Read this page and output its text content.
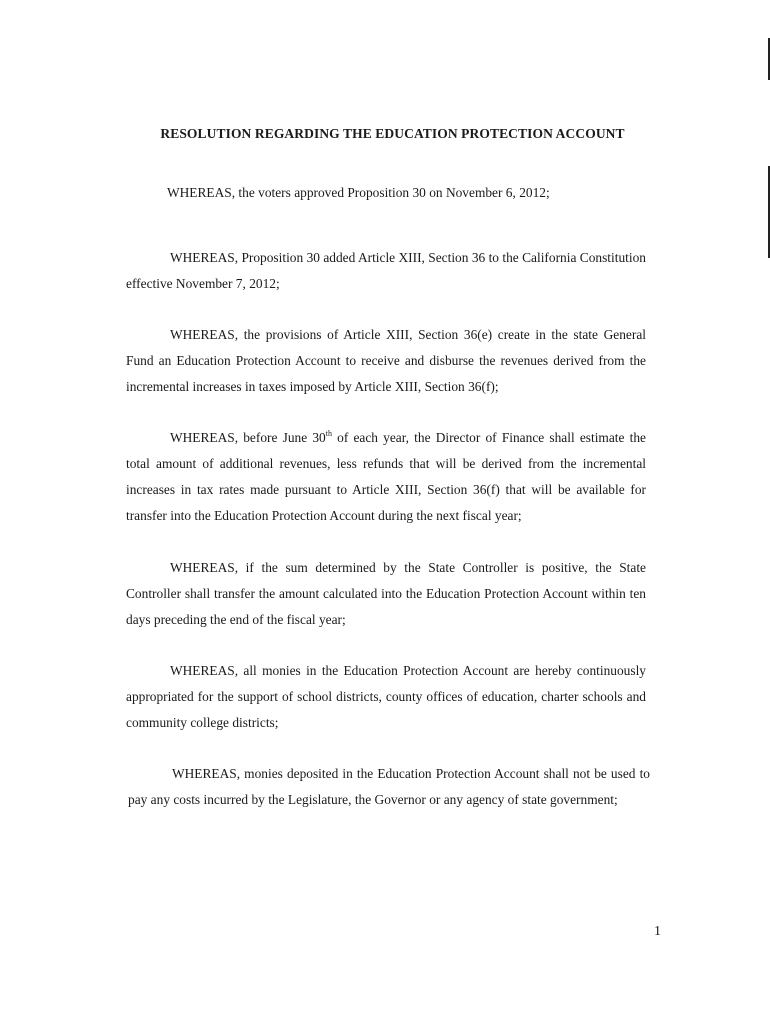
RESOLUTION REGARDING THE EDUCATION PROTECTION ACCOUNT

WHEREAS, the voters approved Proposition 30 on November 6, 2012;

WHEREAS, Proposition 30 added Article XIII, Section 36 to the California Constitution effective November 7, 2012;

WHEREAS, the provisions of Article XIII, Section 36(e) create in the state General Fund an Education Protection Account to receive and disburse the revenues derived from the incremental increases in taxes imposed by Article XIII, Section 36(f);

WHEREAS, before June 30th of each year, the Director of Finance shall estimate the total amount of additional revenues, less refunds that will be derived from the incremental increases in tax rates made pursuant to Article XIII, Section 36(f) that will be available for transfer into the Education Protection Account during the next fiscal year;

WHEREAS, if the sum determined by the State Controller is positive, the State Controller shall transfer the amount calculated into the Education Protection Account within ten days preceding the end of the fiscal year;

WHEREAS, all monies in the Education Protection Account are hereby continuously appropriated for the support of school districts, county offices of education, charter schools and community college districts;

WHEREAS, monies deposited in the Education Protection Account shall not be used to pay any costs incurred by the Legislature, the Governor or any agency of state government;

1
